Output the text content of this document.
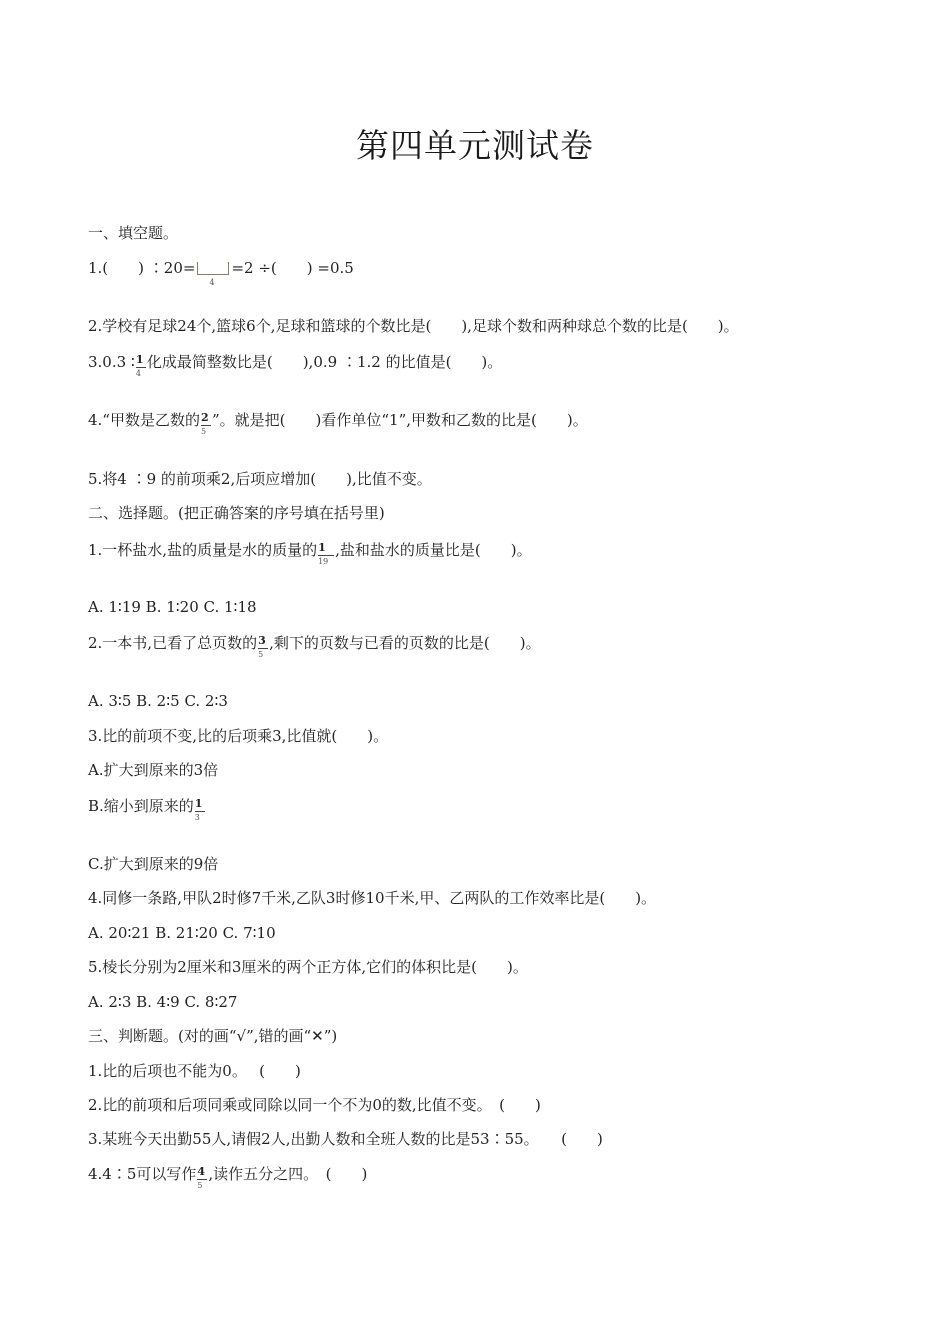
第四单元测试卷
一、填空题。
1.(　　) ∶20=
4
=2 ÷(　　) =0.5
2.学校有足球24个,篮球6个,足球和篮球的个数比是(　　),足球个数和两种球总个数的比是(　　)。
3.0.3 ∶ $\frac{1}{4}$ 化成最简整数比是(　　),0.9 ∶1.2 的比值是(　　)。
4.“甲数是乙数的 $\frac{2}{5}$ ”。就是把(　　)看作单位“1”,甲数和乙数的比是(　　)。
5.将4 ∶9 的前项乘2,后项应增加(　　),比值不变。
二、选择题。(把正确答案的序号填在括号里)
1.一杯盐水,盐的质量是水的质量的 $\frac{1}{19}$ ,盐和盐水的质量比是(　　)。
A. 1∶19 B. 1∶20 C. 1∶18
2.一本书,已看了总页数的 $\frac{3}{5}$ ,剩下的页数与已看的页数的比是(　　)。
A. 3∶5 B. 2∶5 C. 2∶3
3.比的前项不变,比的后项乘3,比值就(　　)。
A.扩大到原来的3倍
B.缩小到原来的 $\frac{1}{3}$
C.扩大到原来的9倍
4.同修一条路,甲队2时修7千米,乙队3时修10千米,甲、乙两队的工作效率比是(　　)。
A. 20∶21 B. 21∶20 C. 7∶10
5.棱长分别为2厘米和3厘米的两个正方体,它们的体积比是(　　)。
A. 2∶3 B. 4∶9 C. 8∶27
三、判断题。(对的画“√”,错的画“✕”)
1.比的后项也不能为0。　 (　　)
2.比的前项和后项同乘或同除以同一个不为0的数,比值不变。　(　　)
3.某班今天出勤55人,请假2人,出勤人数和全班人数的比是53∶55。　　(　　)
4.4∶5可以写作 $\frac{4}{5}$ ,读作五分之四。　(　　)
